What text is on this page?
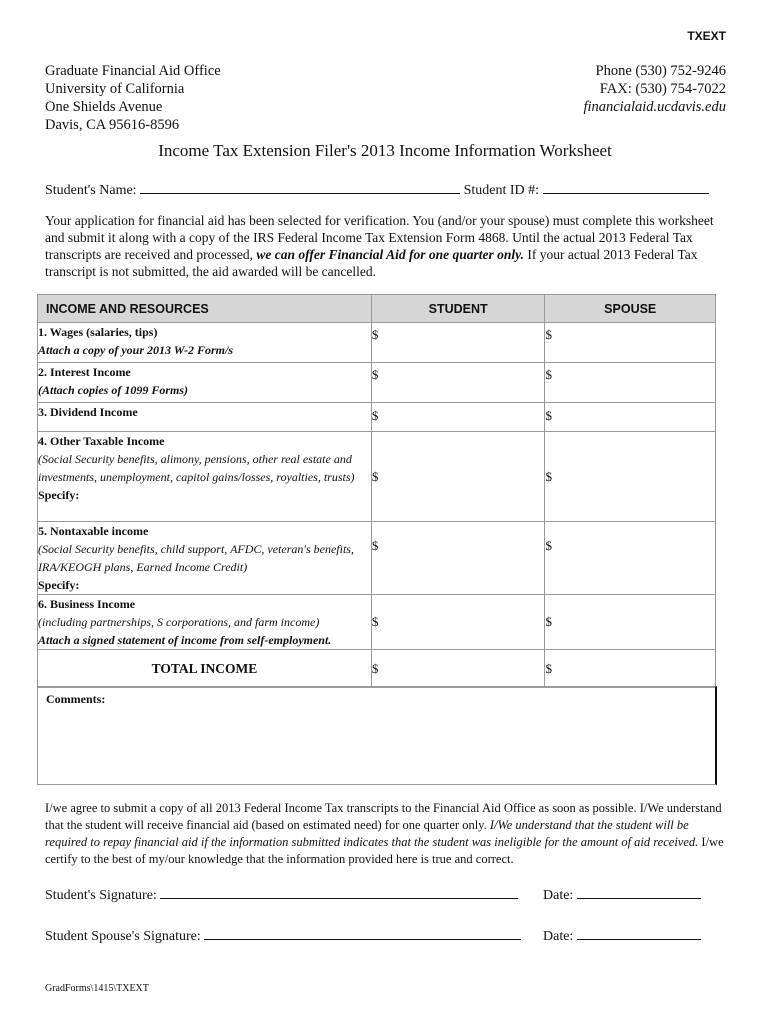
TXEXT
Graduate Financial Aid Office
University of California
One Shields Avenue
Davis, CA 95616-8596
Phone (530) 752-9246
FAX: (530) 754-7022
financialaid.ucdavis.edu
Income Tax Extension Filer's 2013 Income Information Worksheet
Student's Name:	Student ID #:
Your application for financial aid has been selected for verification. You (and/or your spouse) must complete this worksheet and submit it along with a copy of the IRS Federal Income Tax Extension Form 4868. Until the actual 2013 Federal Tax transcripts are received and processed, we can offer Financial Aid for one quarter only. If your actual 2013 Federal Tax transcript is not submitted, the aid awarded will be cancelled.
INCOME AND RESOURCES	STUDENT	SPOUSE

1. Wages (salaries, tips)
Attach a copy of your 2013 W-2 Form/s	$	$

2. Interest Income
(Attach copies of 1099 Forms)	$	$

3. Dividend Income	$	$

4. Other Taxable Income
(Social Security benefits, alimony, pensions, other real estate and investments, unemployment, capitol gains/losses, royalties, trusts)
Specify:	$	$

5. Nontaxable income
(Social Security benefits, child support, AFDC, veteran's benefits, IRA/KEOGH plans, Earned Income Credit)
Specify:	$	$

6. Business Income
(including partnerships, S corporations, and farm income)
Attach a signed statement of income from self-employment.	$	$
TOTAL INCOME	$	$
Comments:
I/we agree to submit a copy of all 2013 Federal Income Tax transcripts to the Financial Aid Office as soon as possible. I/We understand that the student will receive financial aid (based on estimated need) for one quarter only. I/We understand that the student will be required to repay financial aid if the information submitted indicates that the student was ineligible for the amount of aid received. I/we certify to the best of my/our knowledge that the information provided here is true and correct.
Student's Signature:	Date:
Student Spouse's Signature:	Date:
GradForms\1415\TXEXT
